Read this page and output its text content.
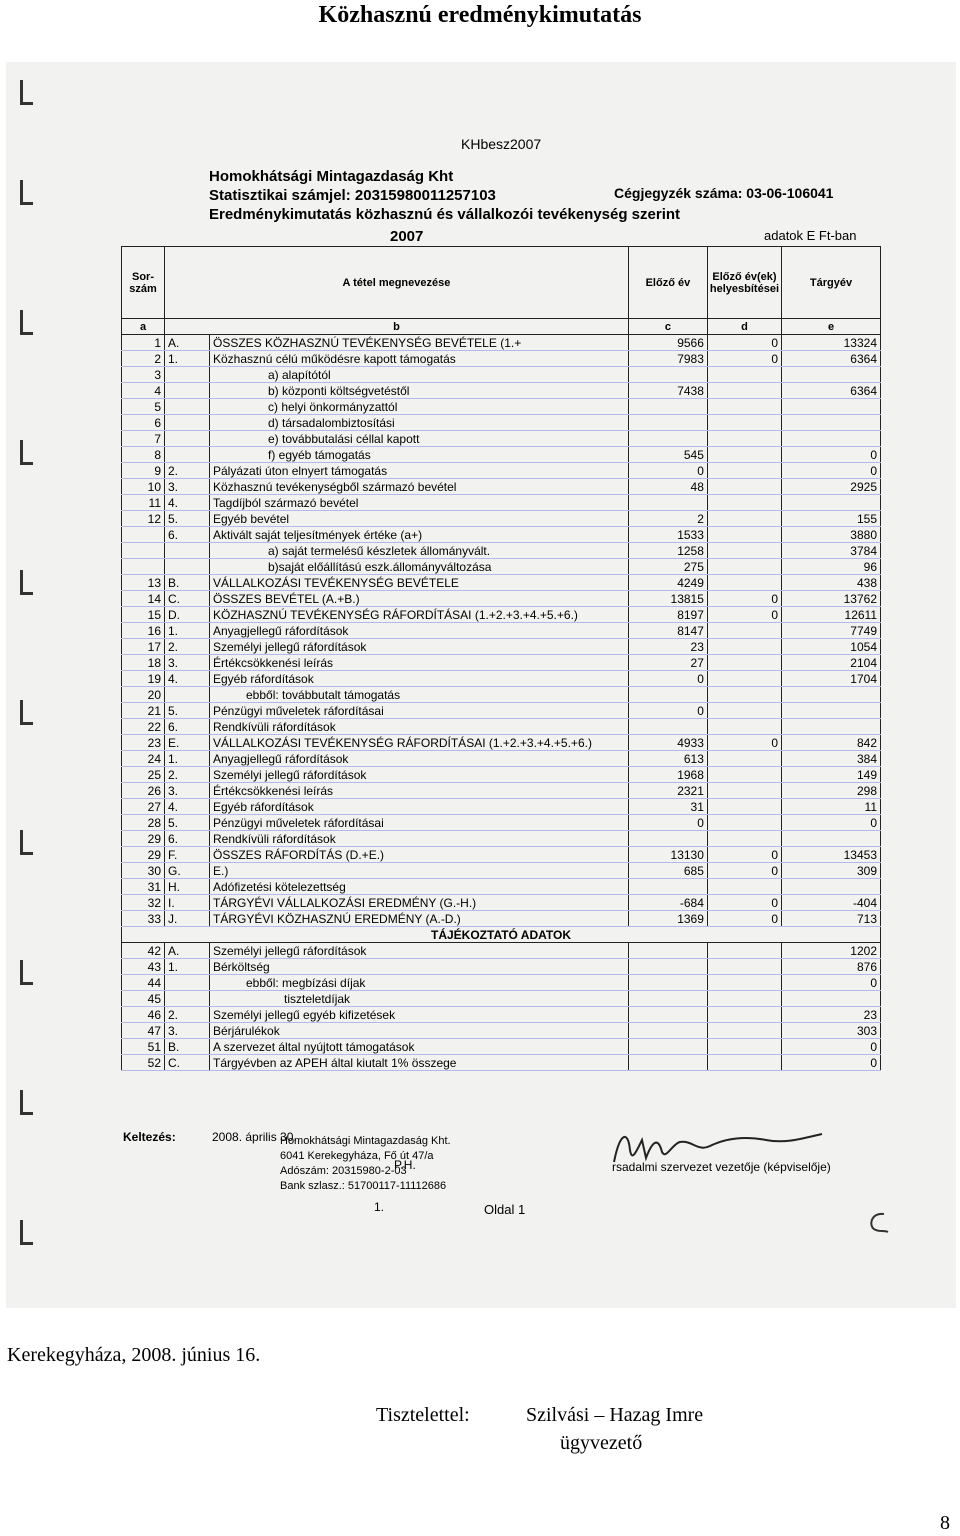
Közhasznú eredménykimutatás
KHbesz2007
Homokhátsági Mintagazdaság Kht
Statisztikai számjel: 20315980011257103	Cégjegyzék száma: 03-06-106041
Eredménykimutatás közhasznú és vállalkozói tevékenység szerint
2007	adatok E Ft-ban
Sor-szám	A tétel megnevezése		Előző év	Előző év(ek) helyesbítései	Tárgyév
a	b		c	d	e
1	A.	ÖSSZES KÖZHASZNÚ TEVÉKENYSÉG BEVÉTELE (1.+	9566	0	13324
2	1.	Közhasznú célú működésre kapott támogatás	7983	0	6364
3		a) alapítótól			
4		b) központi költségvetéstől	7438		6364
5		c) helyi önkormányzattól			
6		d) társadalombiztosítási			
7		e) továbbutalási céllal kapott			
8		f) egyéb támogatás	545		0
9	2.	Pályázati úton elnyert támogatás	0		0
10	3.	Közhasznú tevékenységből származó bevétel	48		2925
11	4.	Tagdíjból származó bevétel			
12	5.	Egyéb bevétel	2		155
	6.	Aktivált saját teljesítmények értéke (a+)	1533		3880
		a) saját termelésű készletek állományvált.	1258		3784
		b)saját előállítású eszk.állományváltozása	275		96
13	B.	VÁLLALKOZÁSI TEVÉKENYSÉG BEVÉTELE	4249		438
14	C.	ÖSSZES BEVÉTEL (A.+B.)	13815	0	13762
15	D.	KÖZHASZNÚ TEVÉKENYSÉG RÁFORDÍTÁSAI (1.+2.+3.+4.+5.+6.)	8197	0	12611
16	1.	Anyagjellegű ráfordítások	8147		7749
17	2.	Személyi jellegű ráfordítások	23		1054
18	3.	Értékcsökkenési leírás	27		2104
19	4.	Egyéb ráfordítások	0		1704
20		ebből: továbbutalt támogatás			
21	5.	Pénzügyi műveletek ráfordításai	0		
22	6.	Rendkívüli ráfordítások			
23	E.	VÁLLALKOZÁSI TEVÉKENYSÉG RÁFORDÍTÁSAI (1.+2.+3.+4.+5.+6.)	4933	0	842
24	1.	Anyagjellegű ráfordítások	613		384
25	2.	Személyi jellegű ráfordítások	1968		149
26	3.	Értékcsökkenési leírás	2321		298
27	4.	Egyéb ráfordítások	31		11
28	5.	Pénzügyi műveletek ráfordításai	0		0
29	6.	Rendkívüli ráfordítások			
29	F.	ÖSSZES RÁFORDÍTÁS (D.+E.)	13130	0	13453
30	G.	E.)	685	0	309
31	H.	Adófizetési kötelezettség			
32	I.	TÁRGYÉVI VÁLLALKOZÁSI EREDMÉNY (G.-H.)	-684	0	-404
33	J.	TÁRGYÉVI KÖZHASZNÚ EREDMÉNY (A.-D.)	1369	0	713
TÁJÉKOZTATÓ ADATOK					
42	A.	Személyi jellegű ráfordítások			1202
43	1.	Bérköltség			876
44		ebből: megbízási díjak			0
45		tiszteletdíjak			
46	2.	Személyi jellegű egyéb kifizetések			23
47	3.	Bérjárulékok			303
51	B.	A szervezet által nyújtott támogatások			0
52	C.	Tárgyévben az APEH által kiutalt 1% összege			0
Keltezés:	2008. április 30.
Homokhátsági Mintagazdaság Kht.
6041 Kerekegyháza, Fő út 47/a
Adószám: 20315980-2-03
Bank szlasz.: 51700117-11112686
P.H.	rsadalmi szervezet vezetője (képviselője)
1.	Oldal 1
Kerekegyháza, 2008. június 16.
Tisztelettel:	Szilvási – Hazag Imre
ügyvezető
8
